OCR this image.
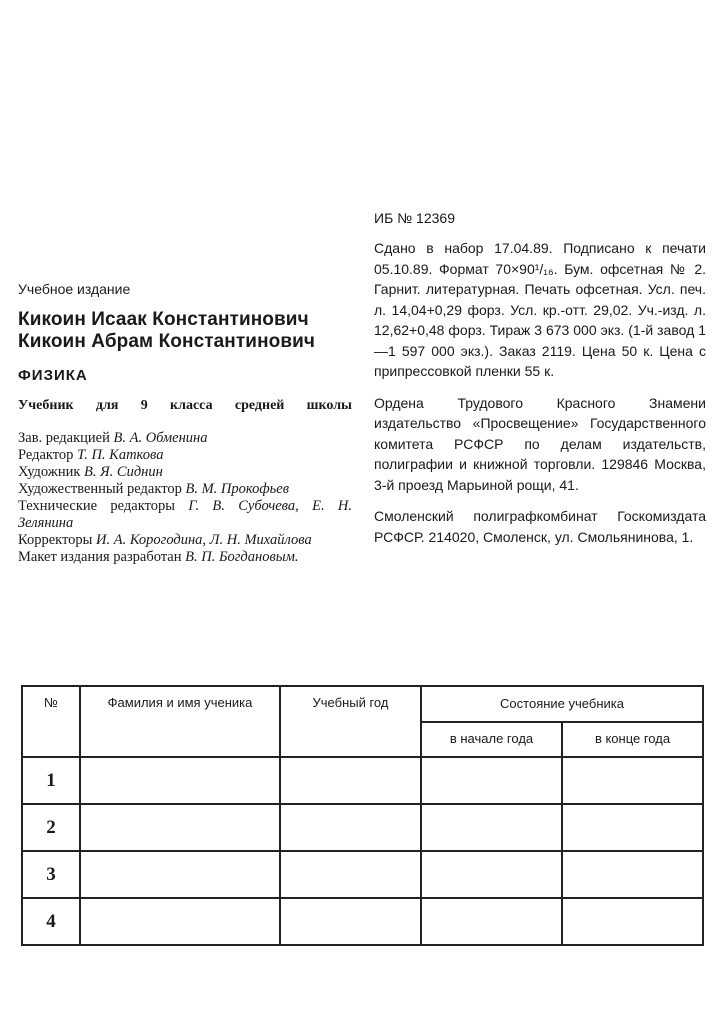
Учебное издание

Кикоин Исаак Константинович

Кикоин Абрам Константинович

ФИЗИКА

Учебник для 9 класса средней школы

Зав. редакцией В. А. Обменина

Редактор Т. П. Каткова

Художник В. Я. Сиднин

Художественный редактор В. М. Прокофьев

Технические редакторы Г. В. Субочева, Е. Н. Зелянина

Корректоры И. А. Корогодина, Л. Н. Михайлова

Макет издания разработан В. П. Богдановым.

ИБ № 12369

Сдано в набор 17.04.89. Подписано к печати 05.10.89. Формат 70×90¹/₁₆. Бум. офсетная № 2. Гарнит. литературная. Печать офсетная. Усл. печ. л. 14,04+0,29 форз. Усл. кр.-отт. 29,02. Уч.-изд. л. 12,62+0,48 форз. Тираж 3 673 000 экз. (1-й завод 1—1 597 000 экз.). Заказ 2119. Цена 50 к. Цена с припрессовкой пленки 55 к.

Ордена Трудового Красного Знамени издательство «Просвещение» Государственного комитета РСФСР по делам издательств, полиграфии и книжной торговли. 129846 Москва, 3-й проезд Марьиной рощи, 41.

Смоленский полиграфкомбинат Госкомиздата РСФСР. 214020, Смоленск, ул. Смольянинова, 1.

№	Фамилия и имя ученика	Учебный год	Состояние учебника	
			в начале года	в конце года
1				
2				
3				
4				
